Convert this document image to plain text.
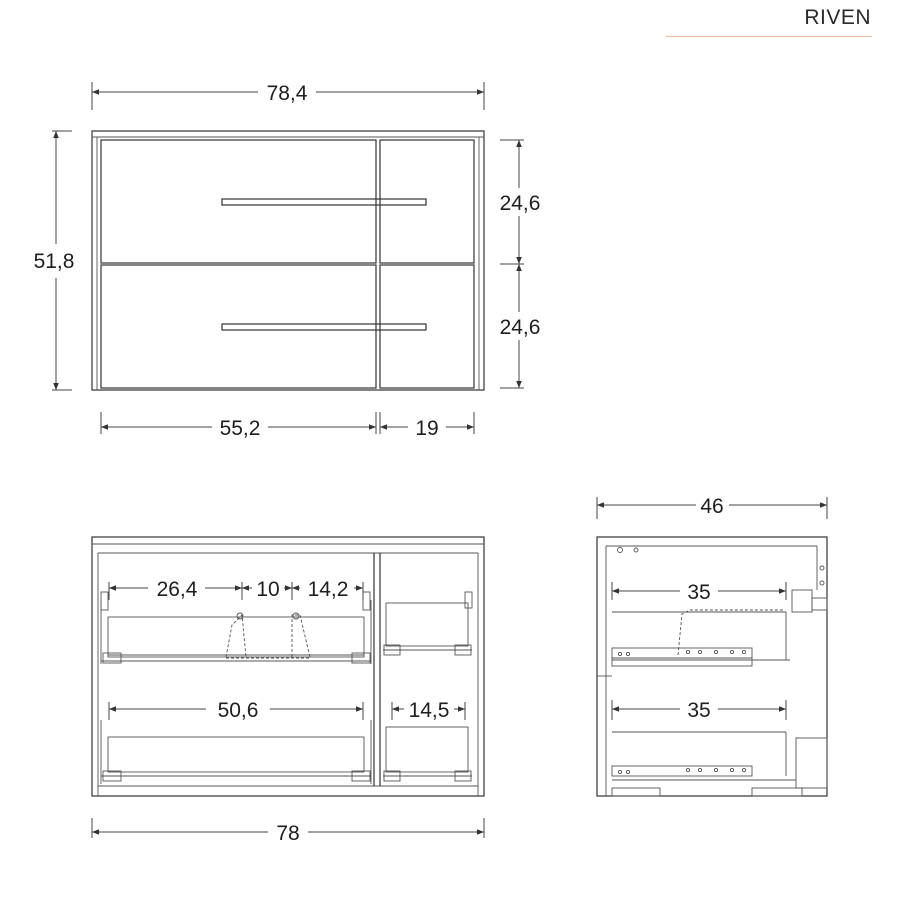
RIVEN
78,4
51,8
24,6
24,6
55,2	19
26,4	10 14,2
50,6	14,5
78
46
35
35
